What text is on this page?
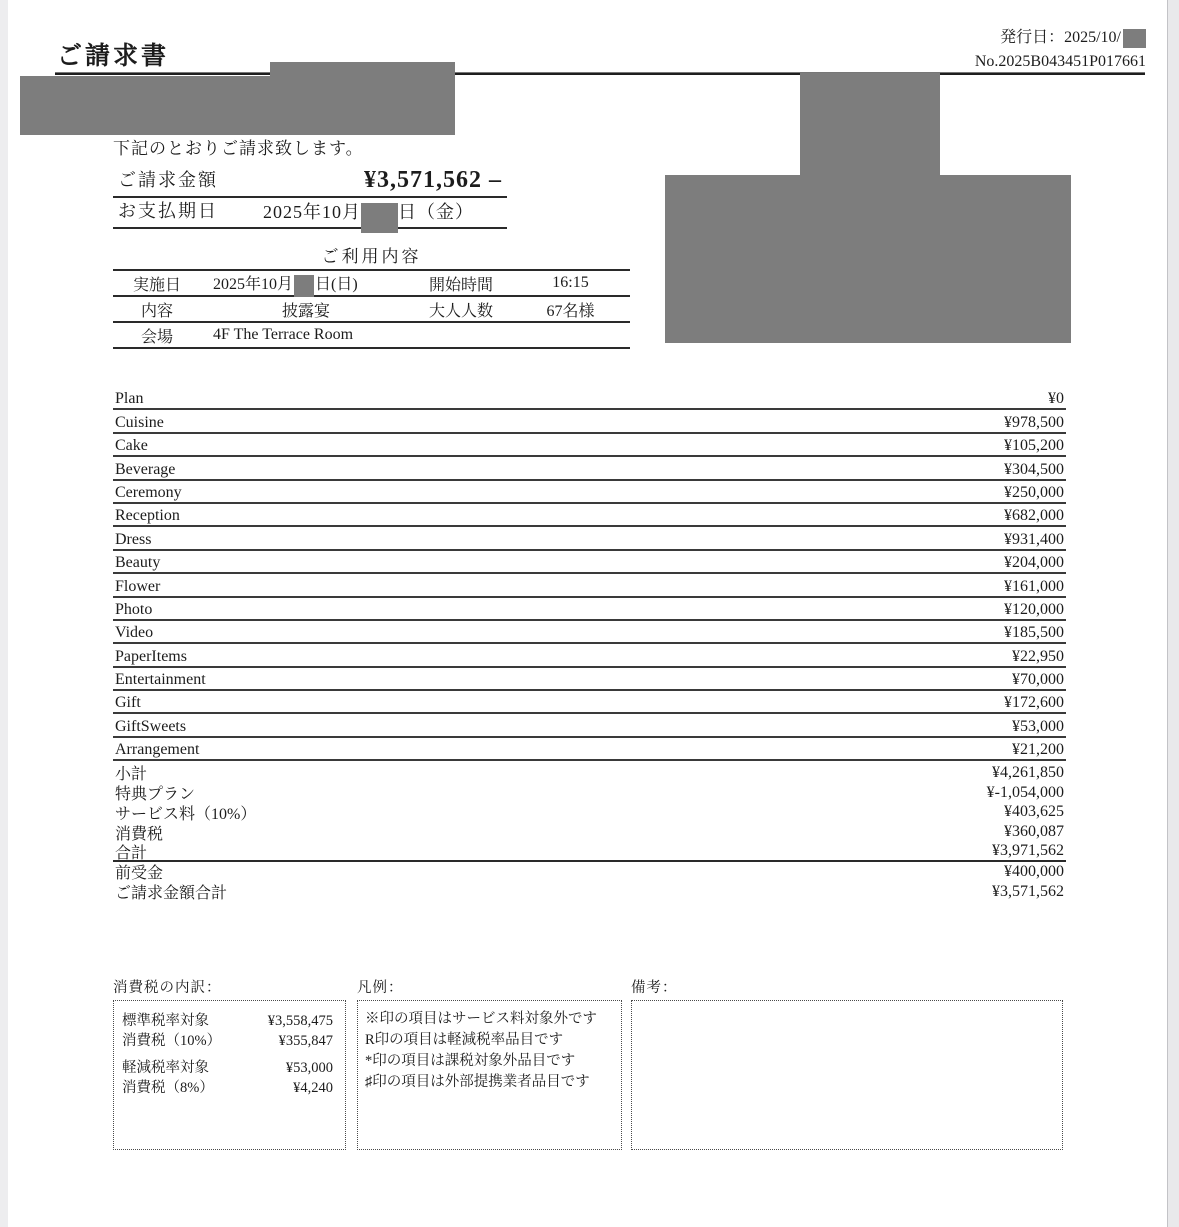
発行日：2025/10/
No.2025B043451P017661
ご請求書
下記のとおりご請求致します。
ご請求金額	¥3,571,562 –
お支払期日	2025年10月 日（金）
ご利用内容
実施日	2025年10月 日(日)	開始時間	16:15
内容	披露宴	大人人数	67名様
会場	4F The Terrace Room
Plan	¥0
Cuisine	¥978,500
Cake	¥105,200
Beverage	¥304,500
Ceremony	¥250,000
Reception	¥682,000
Dress	¥931,400
Beauty	¥204,000
Flower	¥161,000
Photo	¥120,000
Video	¥185,500
PaperItems	¥22,950
Entertainment	¥70,000
Gift	¥172,600
GiftSweets	¥53,000
Arrangement	¥21,200
小計	¥4,261,850
特典プラン	¥-1,054,000
サービス料（10%）	¥403,625
消費税	¥360,087
合計	¥3,971,562
前受金	¥400,000
ご請求金額合計	¥3,571,562
消費税の内訳：
標準税率対象	¥3,558,475
消費税（10%）	¥355,847
軽減税率対象	¥53,000
消費税（8%）	¥4,240
凡例：
※印の項目はサービス料対象外です
R印の項目は軽減税率品目です
*印の項目は課税対象外品目です
♯印の項目は外部提携業者品目です
備考：
